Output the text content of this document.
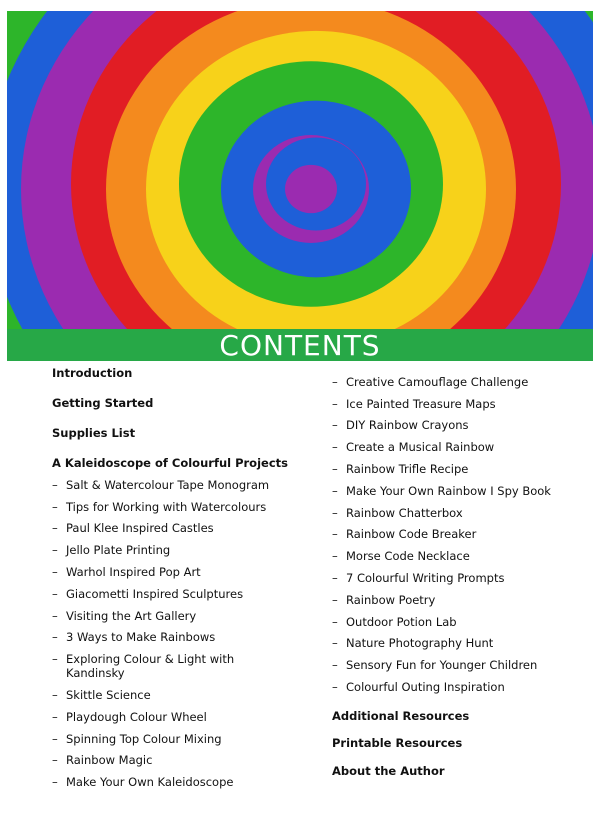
CONTENTS
Introduction
Getting Started
Supplies List
A Kaleidoscope of Colourful Projects
– Salt & Watercolour Tape Monogram
– Tips for Working with Watercolours
– Paul Klee Inspired Castles
– Jello Plate Printing
– Warhol Inspired Pop Art
– Giacometti Inspired Sculptures
– Visiting the Art Gallery
– 3 Ways to Make Rainbows
– Exploring Colour & Light with
Kandinsky
– Skittle Science
– Playdough Colour Wheel
– Spinning Top Colour Mixing
– Rainbow Magic
– Make Your Own Kaleidoscope
– Creative Camouflage Challenge
– Ice Painted Treasure Maps
– DIY Rainbow Crayons
– Create a Musical Rainbow
– Rainbow Trifle Recipe
– Make Your Own Rainbow I Spy Book
– Rainbow Chatterbox
– Rainbow Code Breaker
– Morse Code Necklace
– 7 Colourful Writing Prompts
– Rainbow Poetry
– Outdoor Potion Lab
– Nature Photography Hunt
– Sensory Fun for Younger Children
– Colourful Outing Inspiration
Additional Resources
Printable Resources
About the Author
